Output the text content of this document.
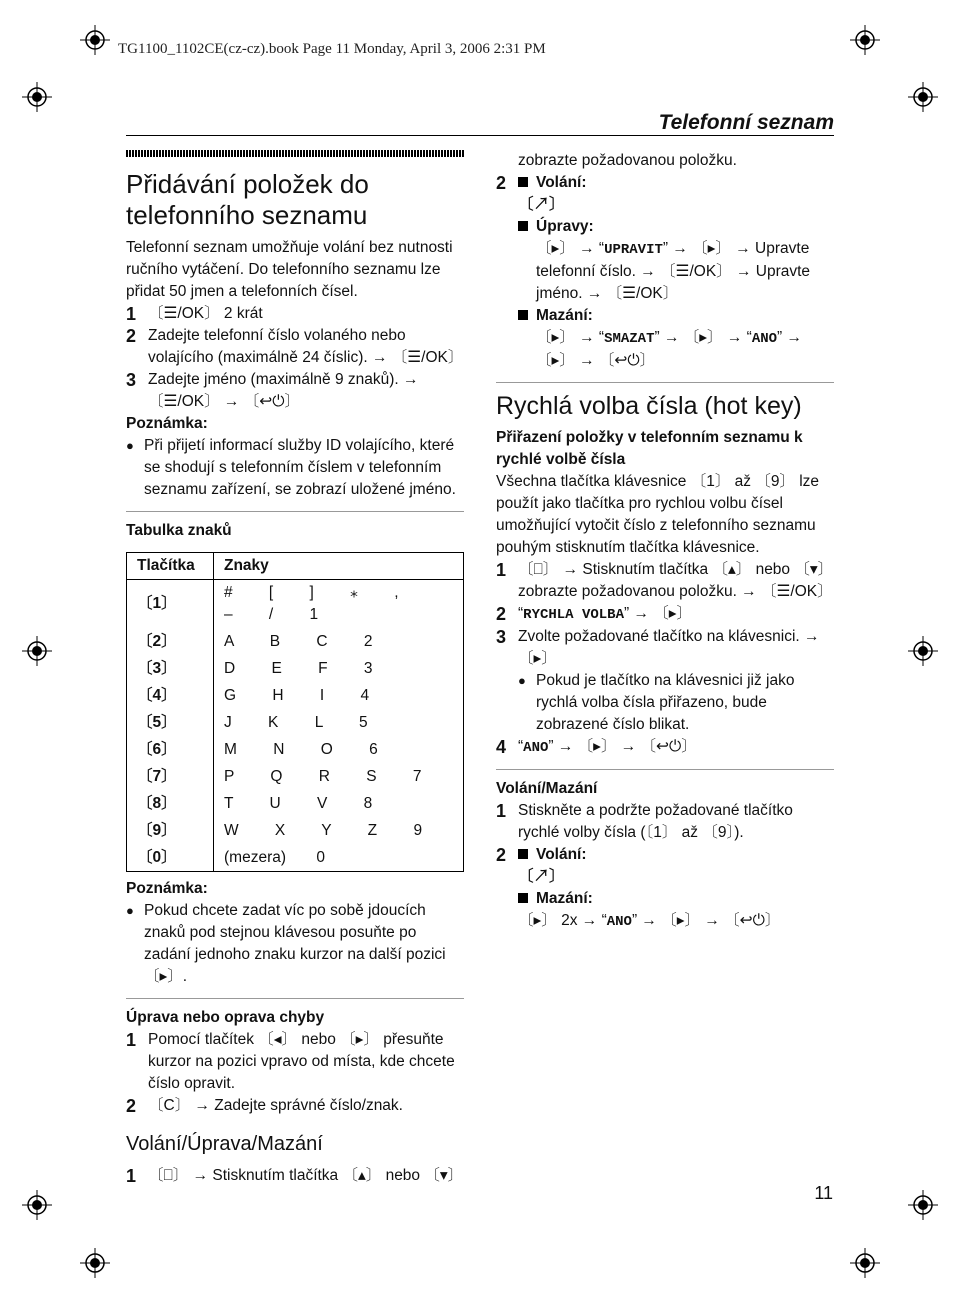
TG1100_1102CE(cz-cz).book Page 11 Monday, April 3, 2006 2:31 PM
Telefonní seznam
Přidávání položek do telefonního seznamu

Telefonní seznam umožňuje volání bez nutnosti ručního vytáčení. Do telefonního seznamu lze přidat 50 jmen a telefonních čísel.

1 〔☰/OK〕 2 krát
2 Zadejte telefonní číslo volaného nebo volajícího (maximálně 24 číslic). → 〔☰/OK〕
3 Zadejte jméno (maximálně 9 znaků). → 〔☰/OK〕 → 〔↩⏻〕

Poznámka:

● Při přijetí informací služby ID volajícího, které se shodují s telefonním číslem v telefonním seznamu zařízení, se zobrazí uložené jméno.

Tabulka znaků

Tlačítka	Znaky
〔1〕	# [ ] ⁎ , – / 1
〔2〕	A B C 2
〔3〕	D E F 3
〔4〕	G H I 4
〔5〕	J K L 5
〔6〕	M N O 6
〔7〕	P Q R S 7
〔8〕	T U V 8
〔9〕	W X Y Z 9
〔0〕	(mezera) 0

Poznámka:

● Pokud chcete zadat víc po sobě jdoucích znaků pod stejnou klávesou posuňte po zadání jednoho znaku kurzor na další pozici 〔▸〕.

Úprava nebo oprava chyby

1 Pomocí tlačítek 〔◂〕 nebo 〔▸〕 přesuňte kurzor na pozici vpravo od místa, kde chcete číslo opravit.
2 〔C〕 → Zadejte správné číslo/znak.
Volání/Úprava/Mazání
1 〔⎕〕 → Stisknutím tlačítka 〔▴〕 nebo 〔▾〕

zobrazte požadovanou položku.

2 Volání:

〔↗〕

Úpravy:

〔▸〕 → “UPRAVIT” → 〔▸〕 → Upravte telefonní číslo. → 〔☰/OK〕 → Upravte jméno. → 〔☰/OK〕

Mazání:

〔▸〕 → “SMAZAT” → 〔▸〕 → “ANO” → 〔▸〕 → 〔↩⏻〕

Rychlá volba čísla (hot key)

Přiřazení položky v telefonním seznamu k rychlé volbě čísla

Všechna tlačítka klávesnice 〔1〕 až 〔9〕 lze použít jako tlačítka pro rychlou volbu čísel umožňující vytočit číslo z telefonního seznamu pouhým stisknutím tlačítka klávesnice.

1 〔⎕〕 → Stisknutím tlačítka 〔▴〕 nebo 〔▾〕 zobrazte požadovanou položku. → 〔☰/OK〕
2 “RYCHLA VOLBA” → 〔▸〕
3 Zvolte požadované tlačítko na klávesnici. → 〔▸〕
● Pokud je tlačítko na klávesnici již jako rychlá volba čísla přiřazeno, bude zobrazené číslo blikat.
4 “ANO” → 〔▸〕 → 〔↩⏻〕

Volání/Mazání

1 Stiskněte a podržte požadované tlačítko rychlé volby čísla (〔1〕 až 〔9〕).
2 Volání:

〔↗〕

Mazání:

〔▸〕 2x → “ANO” → 〔▸〕 → 〔↩⏻〕

11
